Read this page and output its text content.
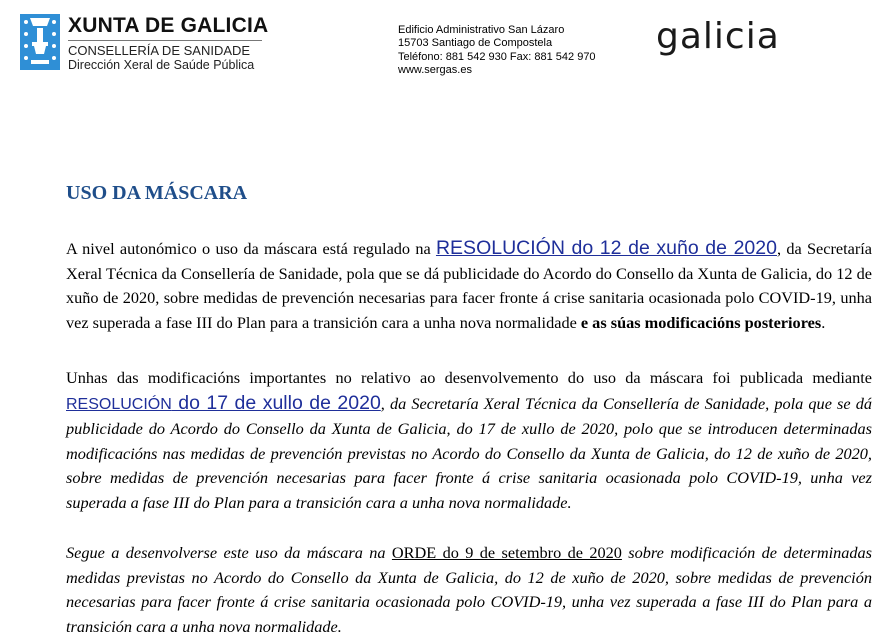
XUNTA DE GALICIA
CONSELLERÍA DE SANIDADE
Dirección Xeral de Saúde Pública
Edificio Administrativo San Lázaro
15703 Santiago de Compostela
Teléfono: 881 542 930 Fax: 881 542 970
www.sergas.es
galicia
USO DA MÁSCARA
A nivel autonómico o uso da máscara está regulado na RESOLUCIÓN do 12 de xuño de 2020, da Secretaría Xeral Técnica da Consellería de Sanidade, pola que se dá publicidade do Acordo do Consello da Xunta de Galicia, do 12 de xuño de 2020, sobre medidas de prevención necesarias para facer fronte á crise sanitaria ocasionada polo COVID-19, unha vez superada a fase III do Plan para a transición cara a unha nova normalidade e as súas modificacións posteriores.
Unhas das modificacións importantes no relativo ao desenvolvemento do uso da máscara foi publicada mediante RESOLUCIÓN do 17 de xullo de 2020, da Secretaría Xeral Técnica da Consellería de Sanidade, pola que se dá publicidade do Acordo do Consello da Xunta de Galicia, do 17 de xullo de 2020, polo que se introducen determinadas modificacións nas medidas de prevención previstas no Acordo do Consello da Xunta de Galicia, do 12 de xuño de 2020, sobre medidas de prevención necesarias para facer fronte á crise sanitaria ocasionada polo COVID-19, unha vez superada a fase III do Plan para a transición cara a unha nova normalidade.
Segue a desenvolverse este uso da máscara na ORDE do 9 de setembro de 2020 sobre modificación de determinadas medidas previstas no Acordo do Consello da Xunta de Galicia, do 12 de xuño de 2020, sobre medidas de prevención necesarias para facer fronte á crise sanitaria ocasionada polo COVID-19, unha vez superada a fase III do Plan para a transición cara a unha nova normalidade.
